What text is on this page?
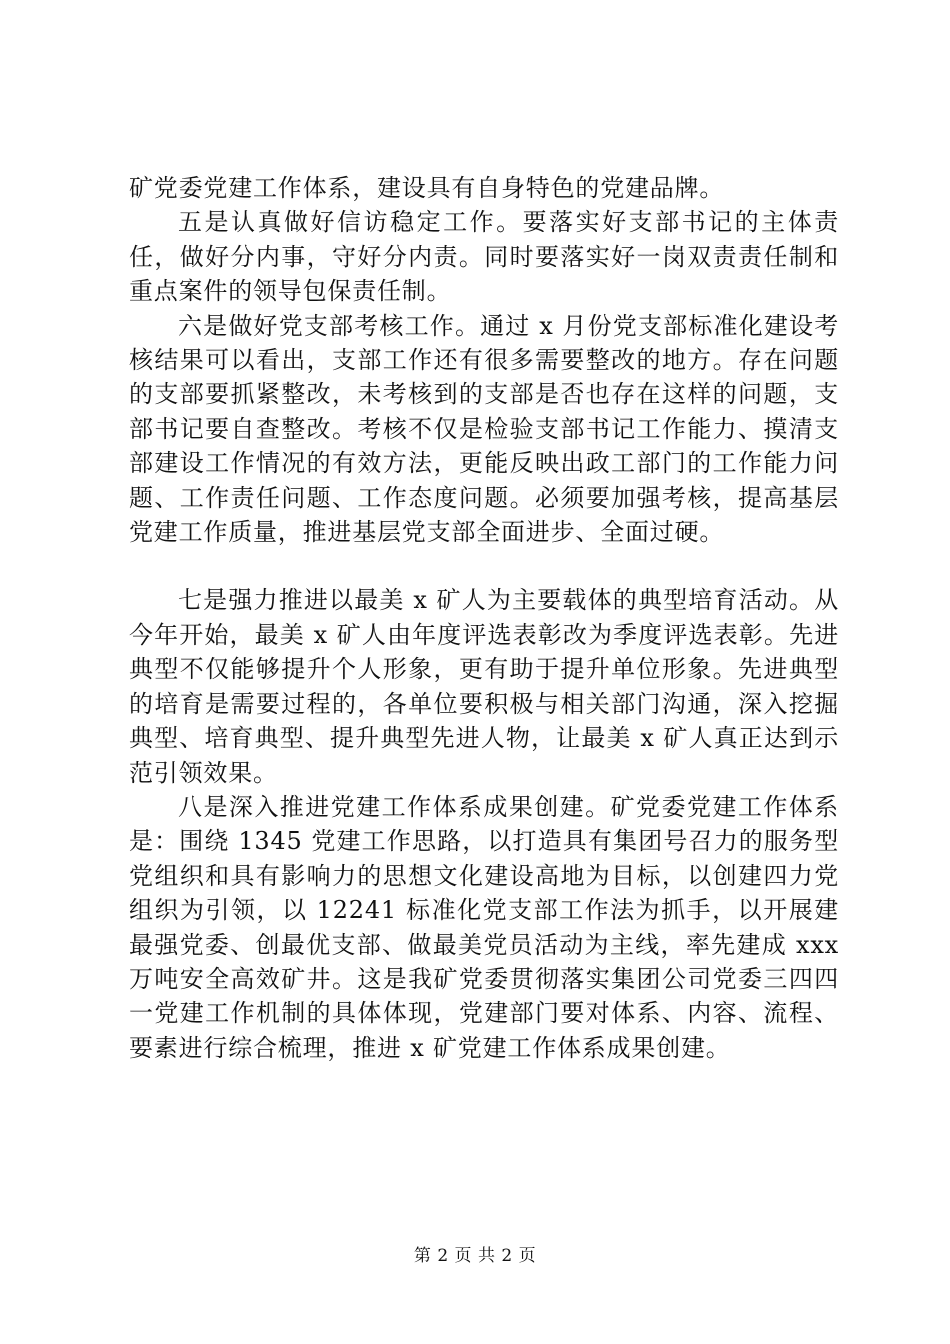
矿党委党建工作体系，建设具有自身特色的党建品牌。

五是认真做好信访稳定工作。要落实好支部书记的主体责任，做好分内事，守好分内责。同时要落实好一岗双责责任制和重点案件的领导包保责任制。

六是做好党支部考核工作。通过 x 月份党支部标准化建设考核结果可以看出，支部工作还有很多需要整改的地方。存在问题的支部要抓紧整改，未考核到的支部是否也存在这样的问题，支部书记要自查整改。考核不仅是检验支部书记工作能力、摸清支部建设工作情况的有效方法，更能反映出政工部门的工作能力问题、工作责任问题、工作态度问题。必须要加强考核，提高基层党建工作质量，推进基层党支部全面进步、全面过硬。

七是强力推进以最美 x 矿人为主要载体的典型培育活动。从今年开始，最美 x 矿人由年度评选表彰改为季度评选表彰。先进典型不仅能够提升个人形象，更有助于提升单位形象。先进典型的培育是需要过程的，各单位要积极与相关部门沟通，深入挖掘典型、培育典型、提升典型先进人物，让最美 x 矿人真正达到示范引领效果。

八是深入推进党建工作体系成果创建。矿党委党建工作体系是：围绕 1345 党建工作思路，以打造具有集团号召力的服务型党组织和具有影响力的思想文化建设高地为目标，以创建四力党组织为引领，以 12241 标准化党支部工作法为抓手，以开展建最强党委、创最优支部、做最美党员活动为主线，率先建成 xxx 万吨安全高效矿井。这是我矿党委贯彻落实集团公司党委三四四一党建工作机制的具体体现，党建部门要对体系、内容、流程、要素进行综合梳理，推进 x 矿党建工作体系成果创建。

第 2 页 共 2 页
